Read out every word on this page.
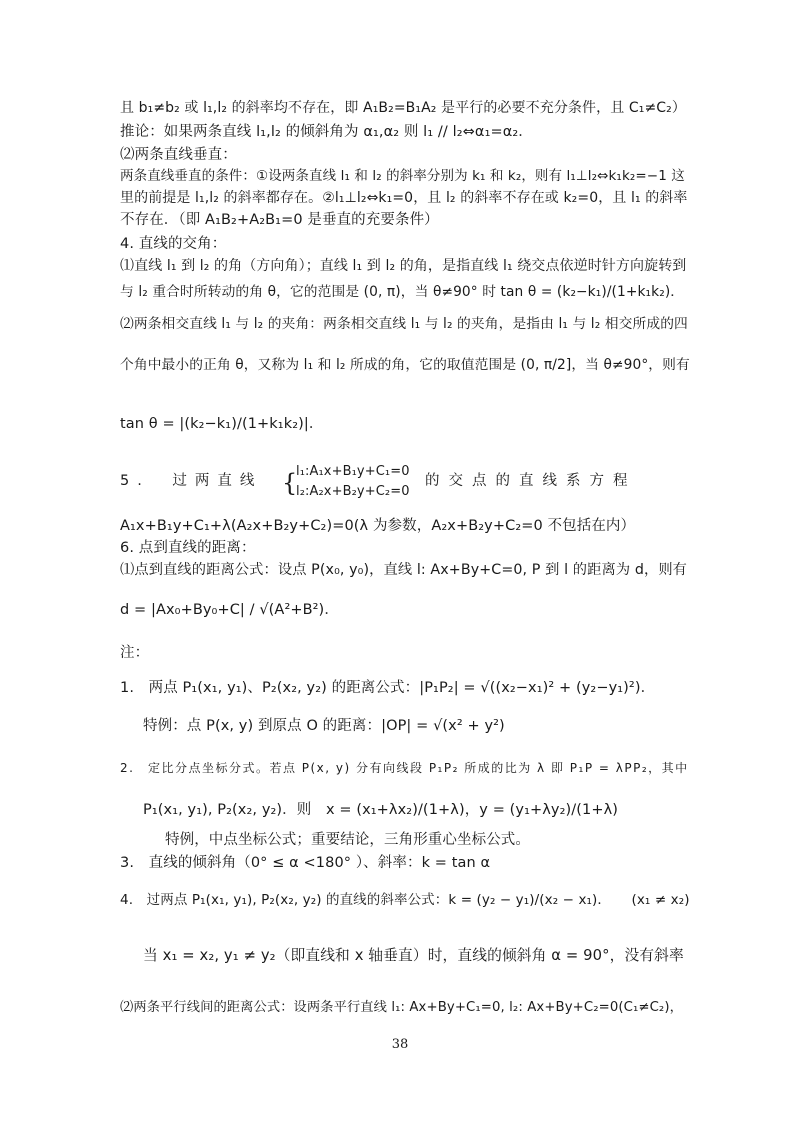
且 b₁≠b₂ 或 l₁,l₂ 的斜率均不存在，即 A₁B₂=B₁A₂ 是平行的必要不充分条件，且 C₁≠C₂）
推论：如果两条直线 l₁,l₂ 的倾斜角为 α₁,α₂ 则 l₁ // l₂⇔α₁=α₂．
⑵两条直线垂直：
两条直线垂直的条件：①设两条直线 l₁ 和 l₂ 的斜率分别为 k₁ 和 k₂，则有 l₁⊥l₂⇔k₁k₂=−1 这
里的前提是 l₁,l₂ 的斜率都存在。②l₁⊥l₂⇔k₁=0，且 l₂ 的斜率不存在或 k₂=0，且 l₁ 的斜率
不存在．（即 A₁B₂+A₂B₁=0 是垂直的充要条件）
4. 直线的交角：
⑴直线 l₁ 到 l₂ 的角（方向角）；直线 l₁ 到 l₂ 的角，是指直线 l₁ 绕交点依逆时针方向旋转到
与 l₂ 重合时所转动的角 θ，它的范围是 (0, π)，当 θ≠90° 时 tan θ = (k₂−k₁)/(1+k₁k₂)．
⑵两条相交直线 l₁ 与 l₂ 的夹角：两条相交直线 l₁ 与 l₂ 的夹角，是指由 l₁ 与 l₂ 相交所成的四
个角中最小的正角 θ，又称为 l₁ 和 l₂ 所成的角，它的取值范围是 (0, π/2]，当 θ≠90°，则有
tan θ = |(k₂−k₁)/(1+k₁k₂)|．
5.　过两直线 {
l₁:A₁x+B₁y+C₁=0
l₂:A₂x+B₂y+C₂=0
的交点的直线系方程
A₁x+B₁y+C₁+λ(A₂x+B₂y+C₂)=0(λ 为参数，A₂x+B₂y+C₂=0 不包括在内）
6. 点到直线的距离：
⑴点到直线的距离公式：设点 P(x₀, y₀)，直线 l: Ax+By+C=0, P 到 l 的距离为 d，则有
d = |Ax₀+By₀+C| / √(A²+B²)．
注：
1.　两点 P₁(x₁, y₁)、P₂(x₂, y₂) 的距离公式：|P₁P₂| = √((x₂−x₁)² + (y₂−y₁)²)．
特例：点 P(x, y) 到原点 O 的距离：|OP| = √(x² + y²)
2.　定比分点坐标分式。若点 P(x, y) 分有向线段 P₁P₂ 所成的比为 λ 即 P₁P = λPP₂，其中
P₁(x₁, y₁), P₂(x₂, y₂)．则　x = (x₁+λx₂)/(1+λ)，y = (y₁+λy₂)/(1+λ)
特例，中点坐标公式；重要结论，三角形重心坐标公式。
3.　直线的倾斜角（0° ≤ α <180° ）、斜率：k = tan α
4.　过两点 P₁(x₁, y₁), P₂(x₂, y₂) 的直线的斜率公式：k = (y₂ − y₁)/(x₂ − x₁)．　　(x₁ ≠ x₂)
当 x₁ = x₂, y₁ ≠ y₂（即直线和 x 轴垂直）时，直线的倾斜角 α = 90°，没有斜率
⑵两条平行线间的距离公式：设两条平行直线 l₁: Ax+By+C₁=0, l₂: Ax+By+C₂=0(C₁≠C₂)，
38
